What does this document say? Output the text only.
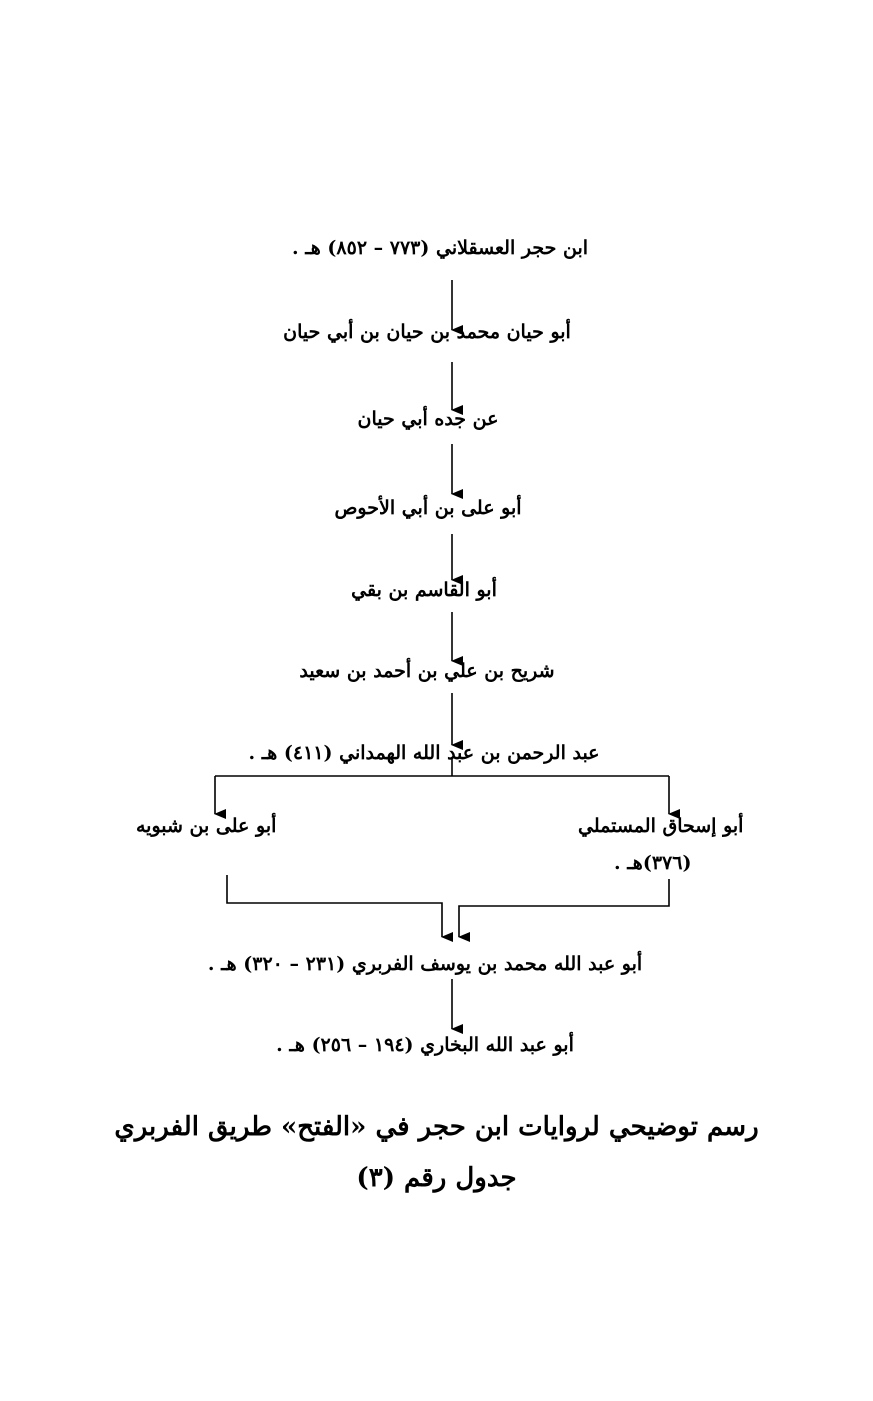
ابن حجر العسقلاني (٧٧٣ – ٨٥٢) هـ .
أبو حيان محمد بن حيان بن أبي حيان
عن جده أبي حيان
أبو على بن أبي الأحوص
أبو القاسم بن بقي
شريح بن علي بن أحمد بن سعيد
عبد الرحمن بن عبد الله الهمداني (٤١١) هـ .
أبو إسحاق المستملي
(٣٧٦)هـ .
أبو على بن شبويه
أبو عبد الله محمد بن يوسف الفربري (٢٣١ – ٣٢٠) هـ .
أبو عبد الله البخاري (١٩٤ – ٢٥٦) هـ .
رسم توضيحي لروايات ابن حجر في «الفتح» طريق الفربري
جدول رقم (٣)
